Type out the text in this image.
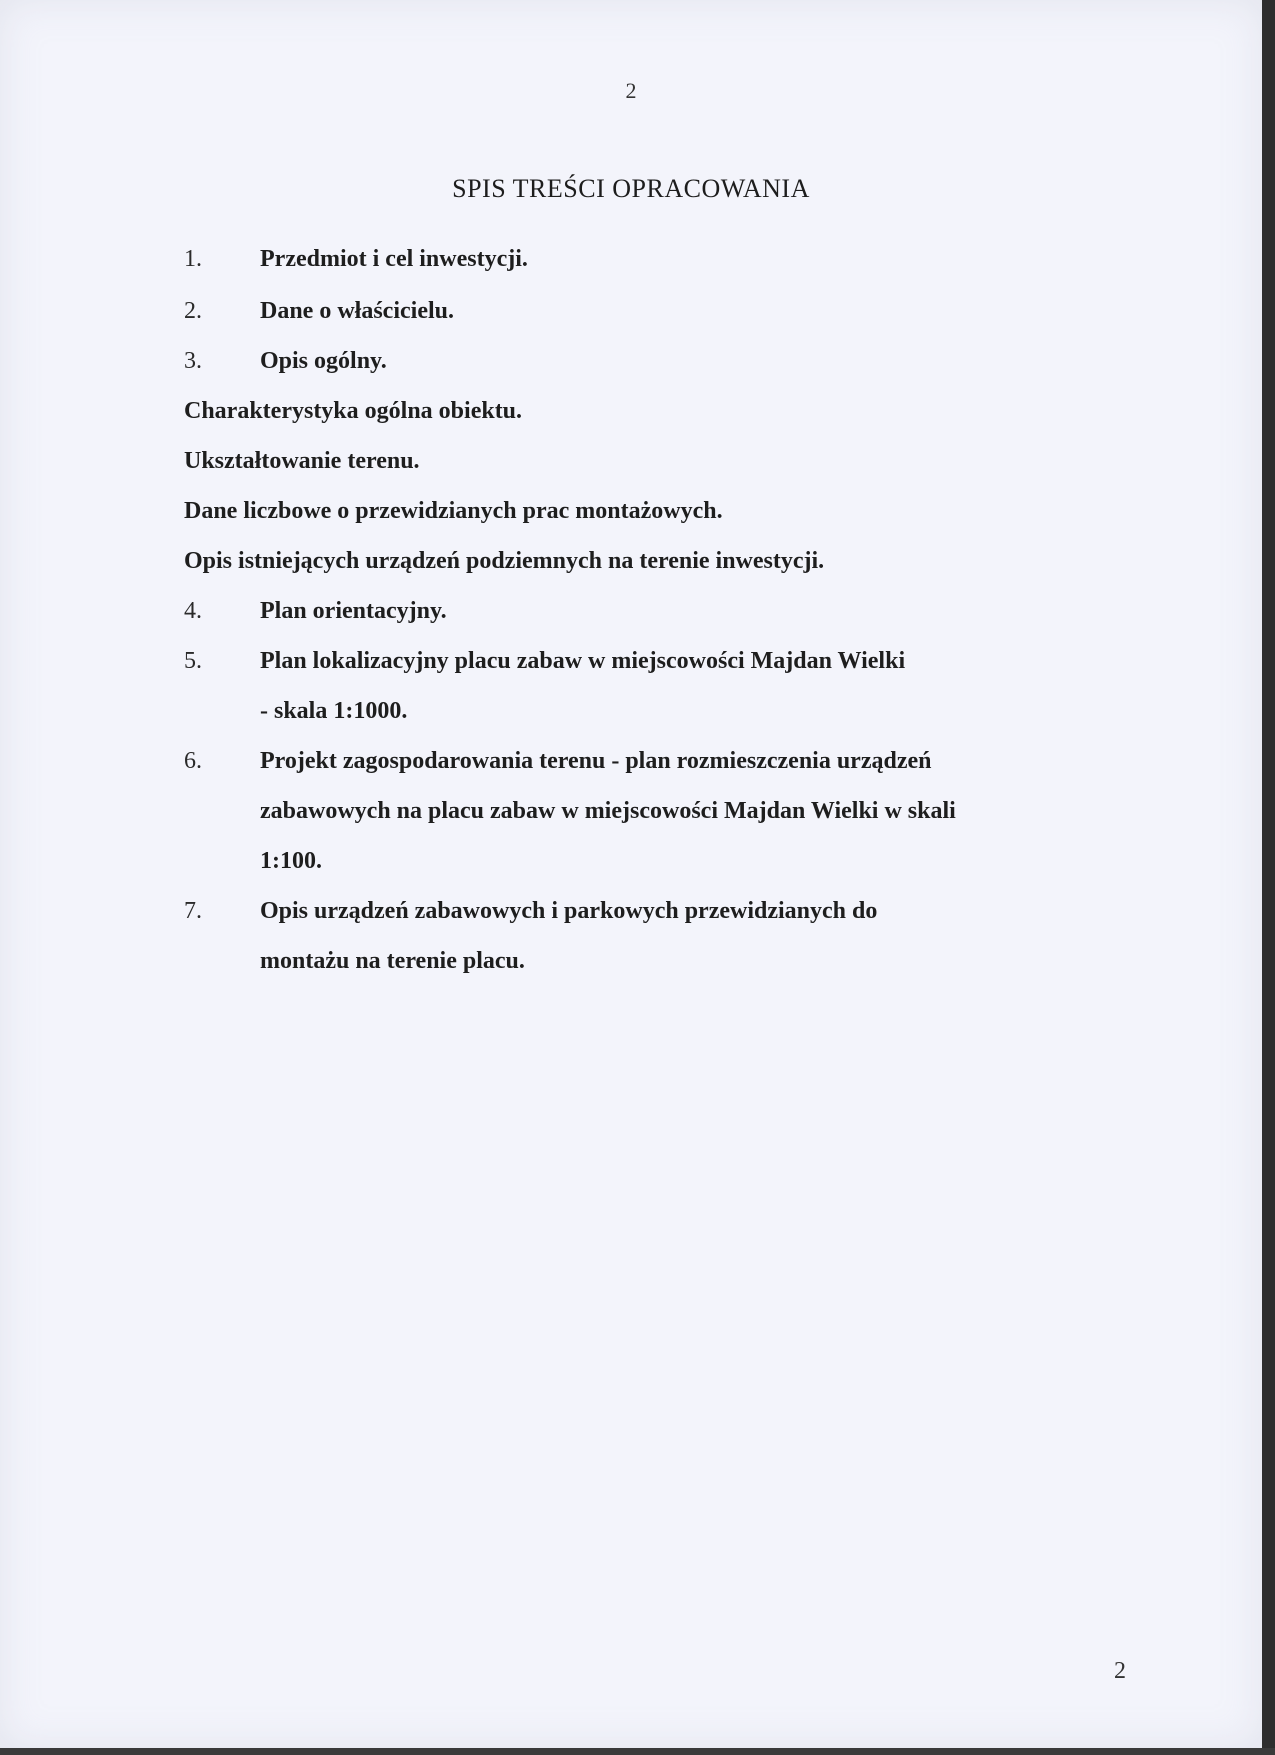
2
SPIS TREŚCI OPRACOWANIA
1. Przedmiot i cel inwestycji.
2. Dane o właścicielu.
3. Opis ogólny.
Charakterystyka ogólna obiektu.
Ukształtowanie terenu.
Dane liczbowe o przewidzianych prac montażowych.
Opis istniejących urządzeń podziemnych na terenie inwestycji.
4. Plan orientacyjny.
5. Plan lokalizacyjny placu zabaw w miejscowości Majdan Wielki
- skala 1:1000.
6. Projekt zagospodarowania terenu - plan rozmieszczenia urządzeń
zabawowych na placu zabaw w miejscowości Majdan Wielki w skali
1:100.
7. Opis urządzeń zabawowych i parkowych przewidzianych do
montażu na terenie placu.
2
